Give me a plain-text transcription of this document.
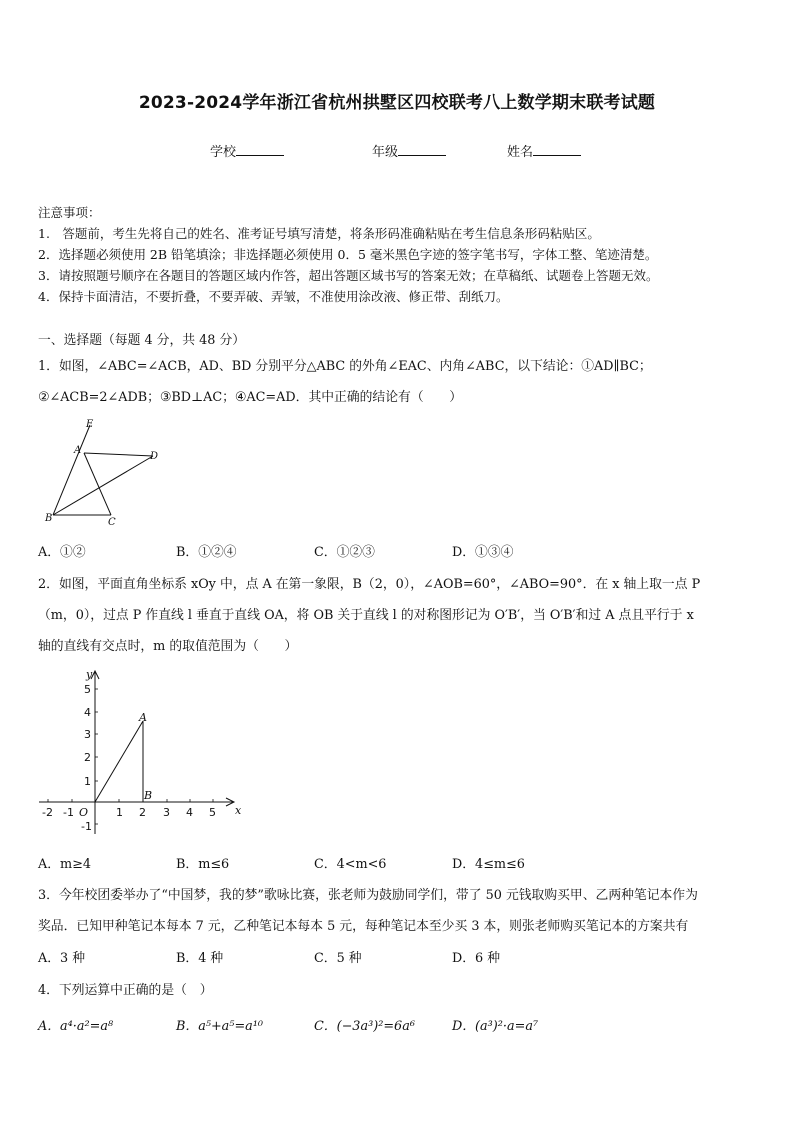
2023-2024学年浙江省杭州拱墅区四校联考八上数学期末联考试题
学校	年级	姓名
注意事项：
1.　答题前，考生先将自己的姓名、准考证号填写清楚，将条形码准确粘贴在考生信息条形码粘贴区。
2．选择题必须使用 2B 铅笔填涂；非选择题必须使用 0．5 毫米黑色字迹的签字笔书写，字体工整、笔迹清楚。
3．请按照题号顺序在各题目的答题区域内作答，超出答题区域书写的答案无效；在草稿纸、试题卷上答题无效。
4．保持卡面清洁，不要折叠，不要弄破、弄皱，不准使用涂改液、修正带、刮纸刀。
一、选择题（每题 4 分，共 48 分）
1．如图，∠ABC=∠ACB，AD、BD 分别平分△ABC 的外角∠EAC、内角∠ABC，以下结论：①AD∥BC；
②∠ACB=2∠ADB；③BD⊥AC；④AC=AD．其中正确的结论有（　　）
E
A
D
B	C
A．①②	B．①②④	C．①②③	D．①③④
2．如图，平面直角坐标系 xOy 中，点 A 在第一象限，B（2，0），∠AOB=60°，∠ABO=90°．在 x 轴上取一点 P
（m，0），过点 P 作直线 l 垂直于直线 OA，将 OB 关于直线 l 的对称图形记为 O′B′，当 O′B′和过 A 点且平行于 x
轴的直线有交点时，m 的取值范围为（　　）
-2 -1	1 2 3 4 5
5
4
3
2
1
-1
y
x
O
A
B
A．m≥4	B．m≤6	C．4<m<6	D．4≤m≤6
3．今年校团委举办了“中国梦，我的梦”歌咏比赛，张老师为鼓励同学们，带了 50 元钱取购买甲、乙两种笔记本作为
奖品．已知甲种笔记本每本 7 元，乙种笔记本每本 5 元，每种笔记本至少买 3 本，则张老师购买笔记本的方案共有
A．3 种	B．4 种	C．5 种	D．6 种
4．下列运算中正确的是（　）
A．a⁴·a²=a⁸	B．a⁵+a⁵=a¹⁰	C．(−3a³)²=6a⁶	D．(a³)²·a=a⁷
